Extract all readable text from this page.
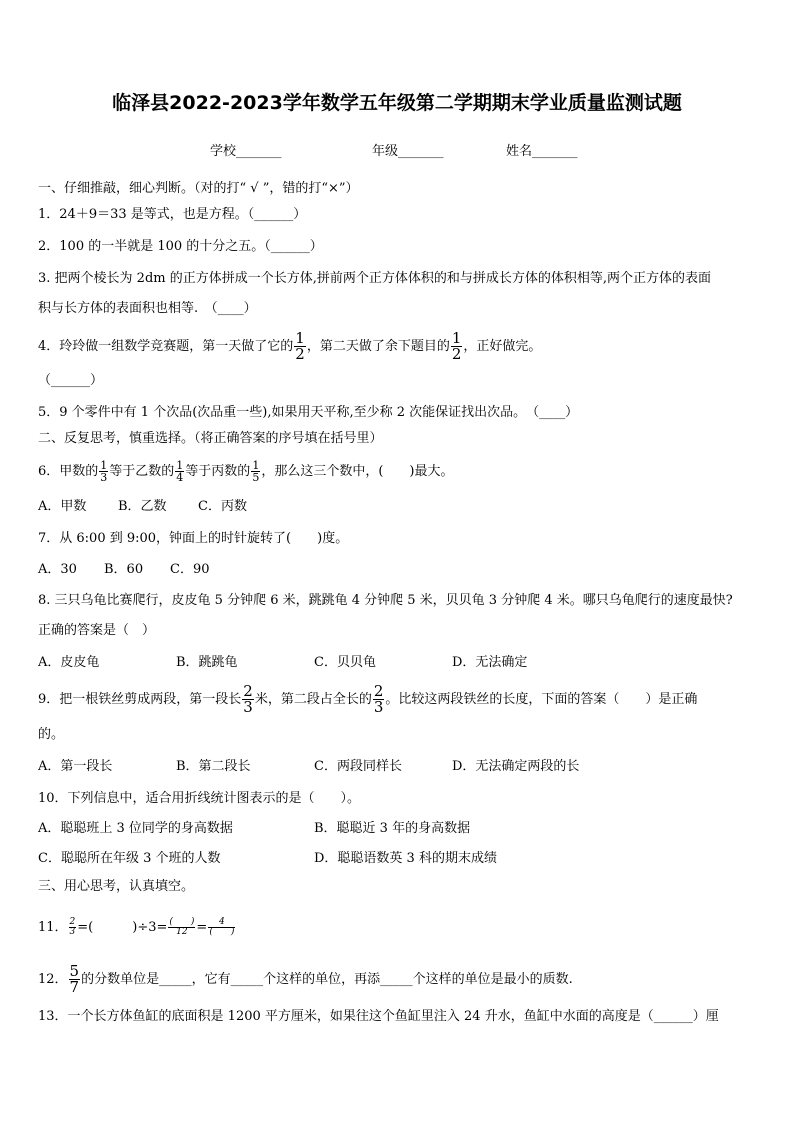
临泽县2022-2023学年数学五年级第二学期期末学业质量监测试题
学校_______	年级_______	姓名_______
一、仔细推敲，细心判断。（对的打“ √ ”，错的打“×”）
1．24＋9＝33 是等式，也是方程。（______）
2．100 的一半就是 100 的十分之五。（______）
3. 把两个棱长为 2dm 的正方体拼成一个长方体,拼前两个正方体体积的和与拼成长方体的体积相等,两个正方体的表面
积与长方体的表面积也相等.　（____）
4．玲玲做一组数学竞赛题，第一天做了它的 $\frac{1}{2}$ ，第二天做了余下题目的 $\frac{1}{2}$ ，正好做完。
（______）
5．9 个零件中有 1 个次品(次品重一些),如果用天平称,至少称 2 次能保证找出次品。　（____）
二、反复思考，慎重选择。（将正确答案的序号填在括号里）
6．甲数的 $\frac{1}{3}$ 等于乙数的 $\frac{1}{4}$ 等于丙数的 $\frac{1}{5}$ ，那么这三个数中，(　　)最大。
A．甲数 B．乙数 C．丙数
7．从 6:00 到 9:00，钟面上的时针旋转了(　　)度。
A．30 B．60 C．90
8. 三只乌龟比赛爬行，皮皮龟 5 分钟爬 6 米，跳跳龟 4 分钟爬 5 米，贝贝龟 3 分钟爬 4 米。哪只乌龟爬行的速度最快?
正确的答案是（　）
A．皮皮龟	B．跳跳龟	C．贝贝龟	D．无法确定
9．把一根铁丝剪成两段，第一段长 $\frac{2}{3}$ 米，第二段占全长的 $\frac{2}{3}$ 。比较这两段铁丝的长度，下面的答案（　　）是正确
的。
A．第一段长	B．第二段长	C．两段同样长	D．无法确定两段的长
10．下列信息中，适合用折线统计图表示的是（　　）。
A．聪聪班上 3 位同学的身高数据	B．聪聪近 3 年的身高数据
C．聪聪所在年级 3 个班的人数	D．聪聪语数英 3 科的期末成绩
三、用心思考，认真填空。
11． $\frac{2}{3}$ =(　　　)$\div 3= \frac{( )}{12} = \frac{4}{( )}$
12． $\frac{5}{7}$ 的分数单位是_____，它有_____个这样的单位，再添_____个这样的单位是最小的质数.
13．一个长方体鱼缸的底面积是 1200 平方厘米，如果往这个鱼缸里注入 24 升水，鱼缸中水面的高度是（______）厘
